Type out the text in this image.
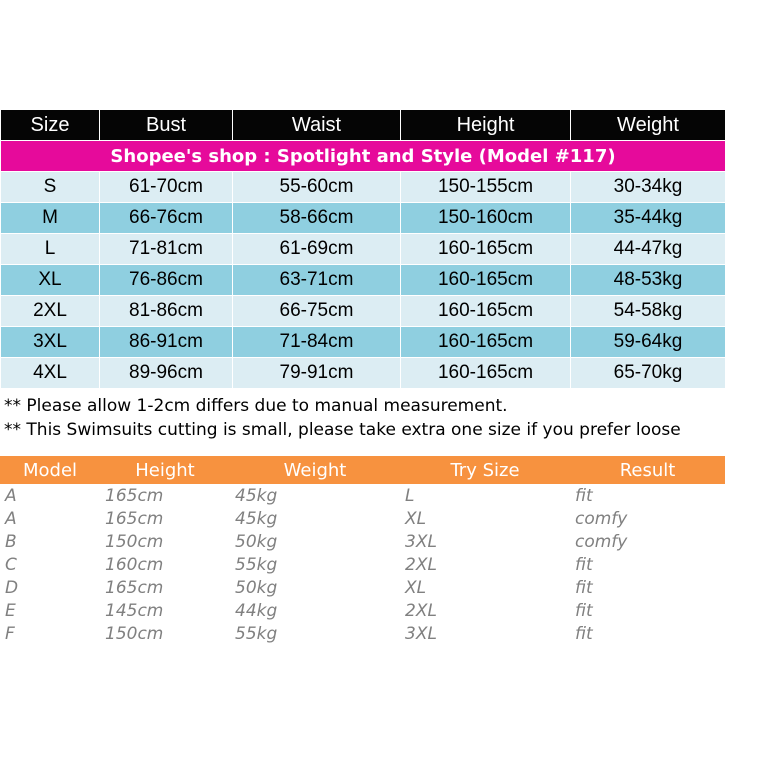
Size	Bust	Waist	Height	Weight
Shopee's shop : Spotlight and Style (Model #117)				
S	61-70cm	55-60cm	150-155cm	30-34kg
M	66-76cm	58-66cm	150-160cm	35-44kg
L	71-81cm	61-69cm	160-165cm	44-47kg
XL	76-86cm	63-71cm	160-165cm	48-53kg
2XL	81-86cm	66-75cm	160-165cm	54-58kg
3XL	86-91cm	71-84cm	160-165cm	59-64kg
4XL	89-96cm	79-91cm	160-165cm	65-70kg
** Please allow 1-2cm differs due to manual measurement.
** This Swimsuits cutting is small, please take extra one size if you prefer loose
Model	Height	Weight	Try Size	Result
A	165cm	45kg	L	fit
A	165cm	45kg	XL	comfy
B	150cm	50kg	3XL	comfy
C	160cm	55kg	2XL	fit
D	165cm	50kg	XL	fit
E	145cm	44kg	2XL	fit
F	150cm	55kg	3XL	fit
